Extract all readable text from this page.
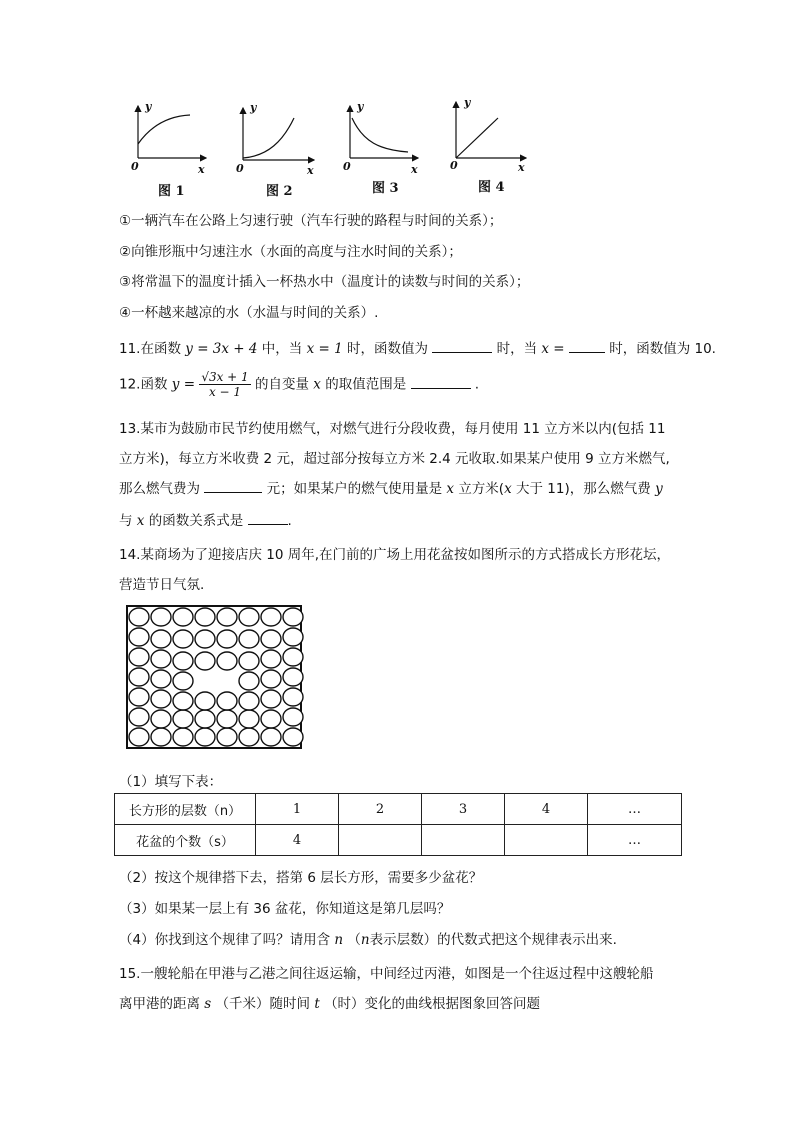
y
0	x
y
0	x
y
0	x
y
0	x
图 1	图 2	图 3	图 4
①一辆汽车在公路上匀速行驶（汽车行驶的路程与时间的关系）；
②向锥形瓶中匀速注水（水面的高度与注水时间的关系）；
③将常温下的温度计插入一杯热水中（温度计的读数与时间的关系）；
④一杯越来越凉的水（水温与时间的关系）.
11.在函数 y = 3x + 4 中，当 x = 1 时，函数值为	时，当 x =	时，函数值为 10.
12.函数 $y = \frac{√3x + 1}{x - 1}$ 的自变量 x 的取值范围是	.
13.某市为鼓励市民节约使用燃气，对燃气进行分段收费，每月使用 11 立方米以内(包括 11
立方米)，每立方米收费 2 元，超过部分按每立方米 2.4 元收取.如果某户使用 9 立方米燃气,
那么燃气费为	元；如果某户的燃气使用量是 x 立方米(x 大于 11)，那么燃气费 y
与 x 的函数关系式是	.
14.某商场为了迎接店庆 10 周年,在门前的广场上用花盆按如图所示的方式搭成长方形花坛，
营造节日气氛.
（1）填写下表：
长方形的层数（n）	1	2	3	4	…
花盆的个数（s）	4				…
（2）按这个规律搭下去，搭第 6 层长方形，需要多少盆花？
（3）如果某一层上有 36 盆花，你知道这是第几层吗？
（4）你找到这个规律了吗？请用含 n （n表示层数）的代数式把这个规律表示出来.
15.一艘轮船在甲港与乙港之间往返运输，中间经过丙港，如图是一个往返过程中这艘轮船
离甲港的距离 s （千米）随时间 t （时）变化的曲线根据图象回答问题
